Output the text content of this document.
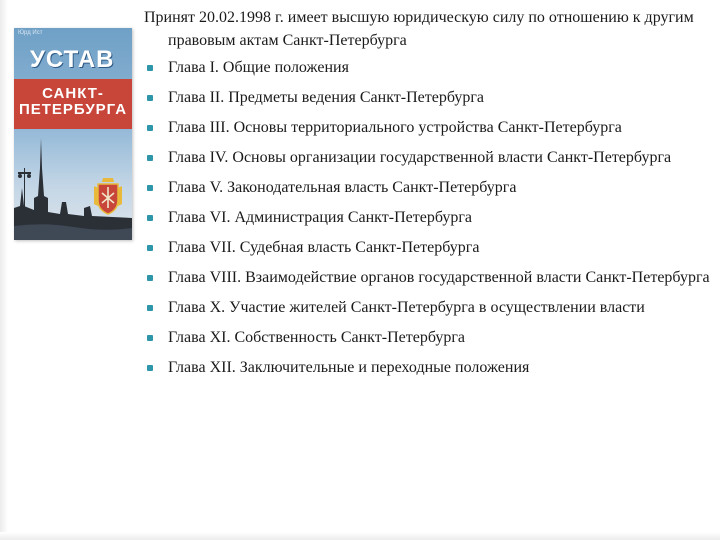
Юрд Ист
УСТАВ
САНКТ-
ПЕТЕРБУРГА

Принят 20.02.1998 г. имеет высшую юридическую силу по отношению к другим правовым актам Санкт-Петербурга

Глава I. Общие положения
Глава II. Предметы ведения Санкт-Петербурга
Глава III. Основы территориального устройства Санкт-Петербурга
Глава IV. Основы организации государственной власти Санкт-Петербурга
Глава V. Законодательная власть Санкт-Петербурга
Глава VI. Администрация Санкт-Петербурга
Глава VII. Судебная власть Санкт-Петербурга
Глава VIII. Взаимодействие органов государственной власти Санкт-Петербурга
Глава X. Участие жителей Санкт-Петербурга в осуществлении власти
Глава XI. Собственность Санкт-Петербурга
Глава XII. Заключительные и переходные положения
